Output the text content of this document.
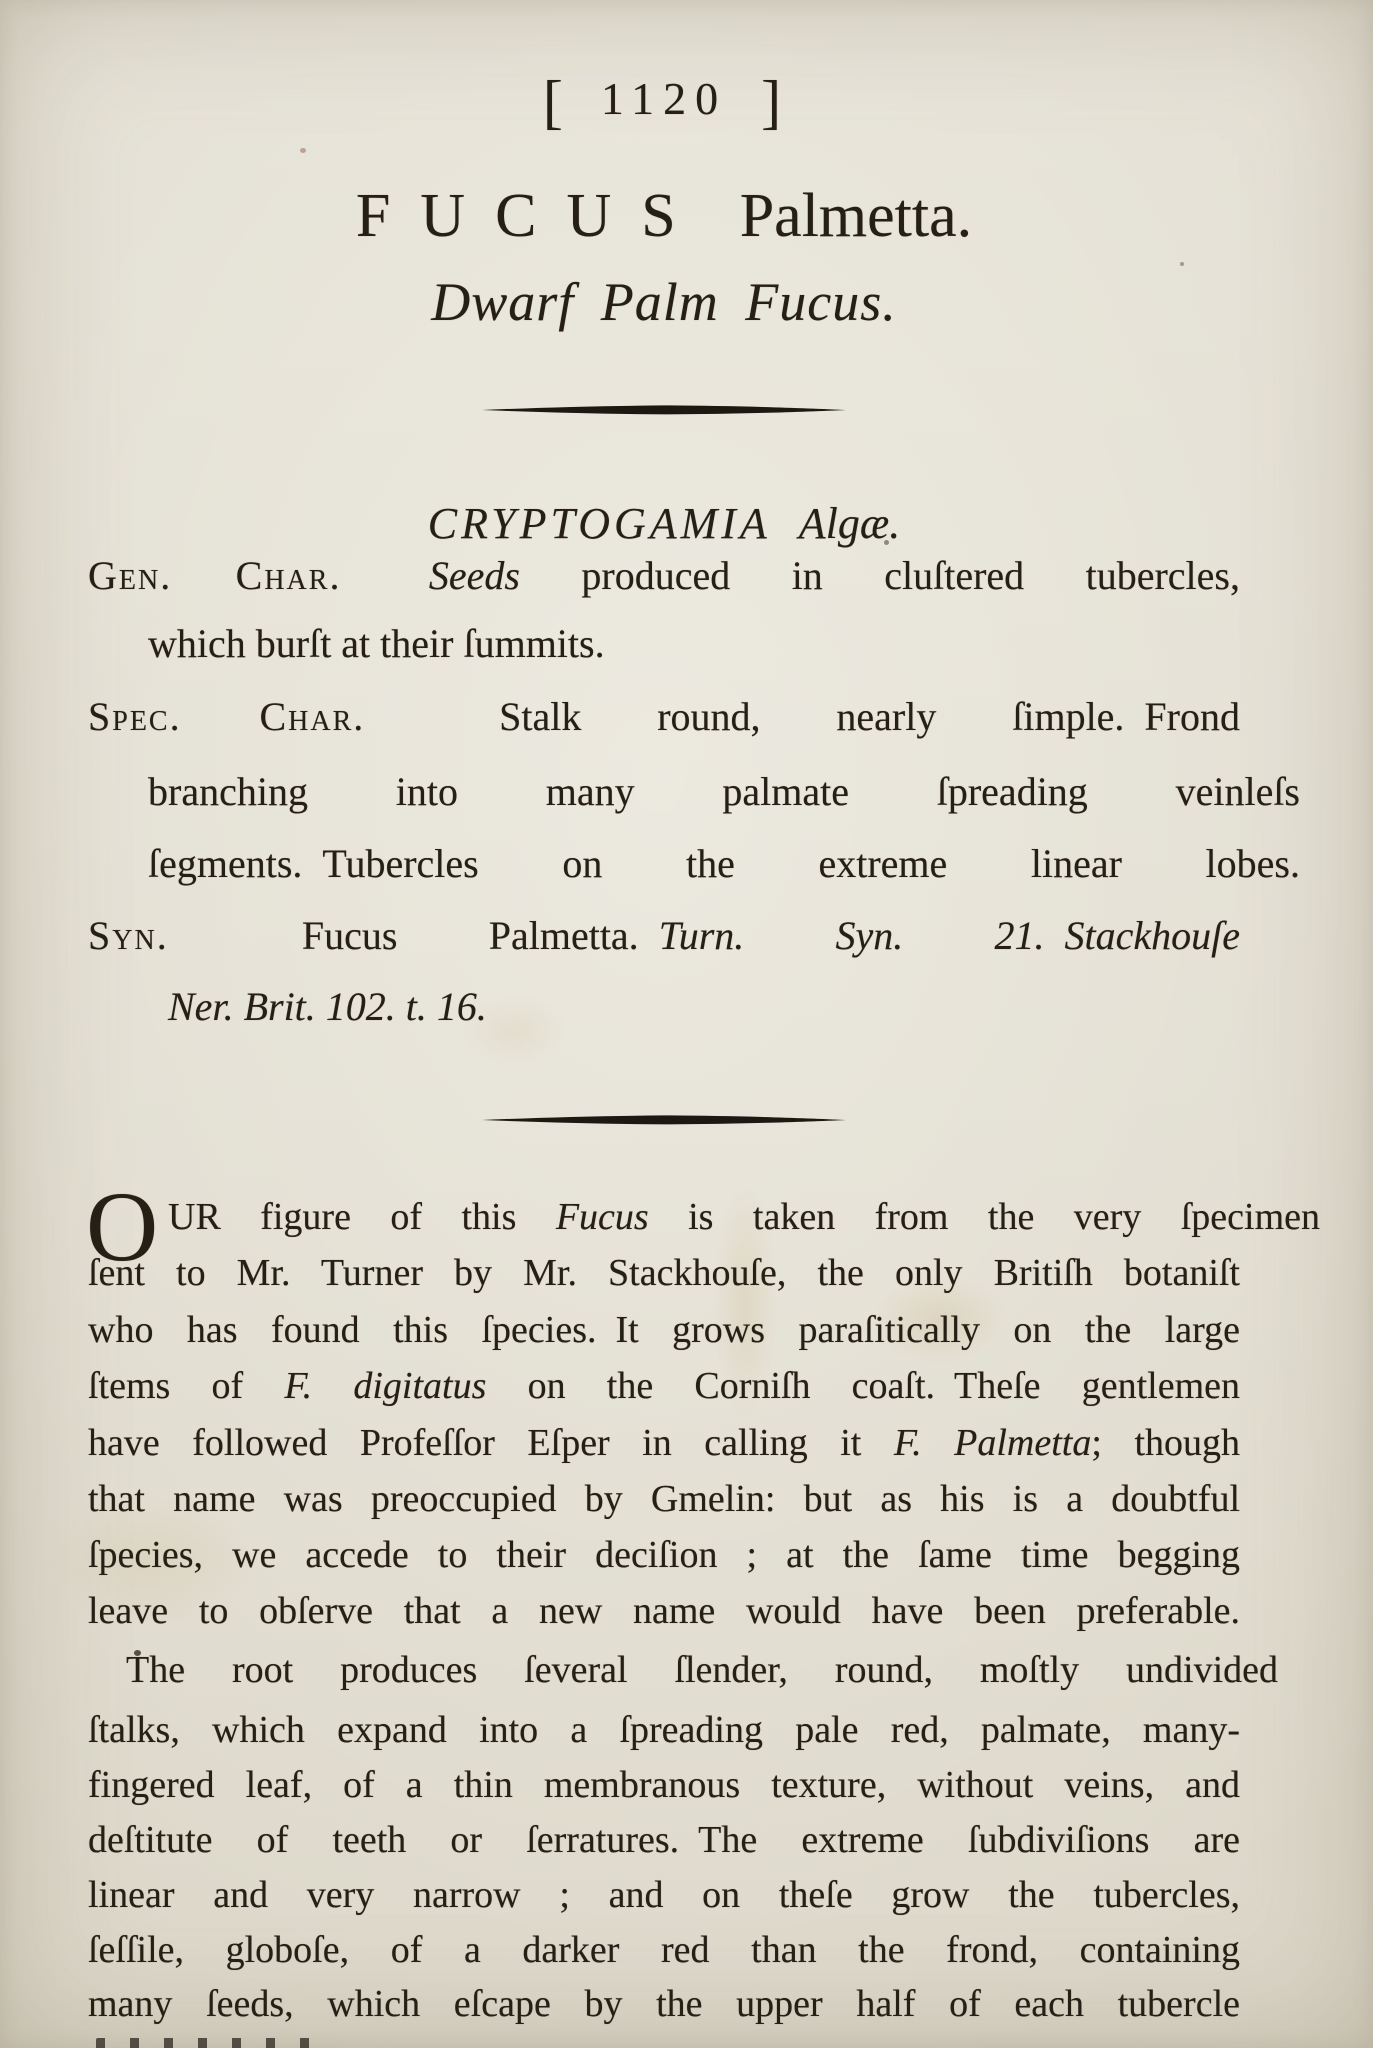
[ 1120 ]
FUCUS Palmetta.
Dwarf Palm Fucus.
CRYPTOGAMIA Algæ.
Gen. Char. Seeds produced in cluſtered tubercles,
which burſt at their ſummits.
Spec. Char.	Stalk round, nearly ſimple. Frond
branching into many palmate ſpreading veinleſs
ſegments. Tubercles on the extreme linear lobes.
Syn.	Fucus Palmetta. Turn. Syn. 21.  Stackhouſe
Ner. Brit. 102. t. 16.
O UR figure of this Fucus is taken from the very ſpecimen
ſent to Mr. Turner by Mr. Stackhouſe, the only Britiſh botaniſt
who has found this ſpecies. It grows paraſitically on the large
ſtems of F. digitatus on the Corniſh coaſt. Theſe gentlemen
have followed Profeſſor Eſper in calling it F. Palmetta; though
that name was preoccupied by Gmelin: but as his is a doubtful
ſpecies, we accede to their deciſion ; at the ſame time begging
leave to obſerve that a new name would have been preferable.
The root produces ſeveral ſlender, round, moſtly undivided
ſtalks, which expand into a ſpreading pale red, palmate, many-
fingered leaf, of a thin membranous texture, without veins, and
deſtitute of teeth or ſerratures. The extreme ſubdiviſions are
linear and very narrow ; and on theſe grow the tubercles,
ſeſſile, globoſe, of a darker red than the frond, containing
many ſeeds, which eſcape by the upper half of each tubercle
